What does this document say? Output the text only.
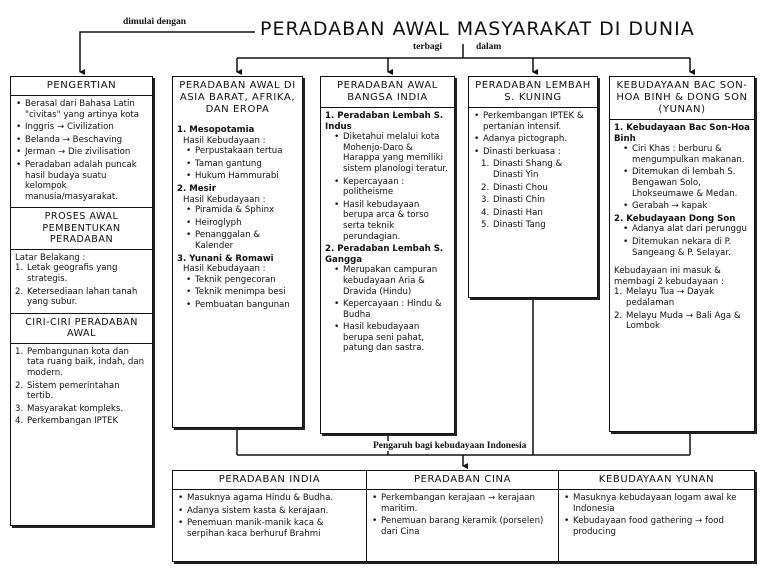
PERADABAN AWAL MASYARAKAT DI DUNIA
dimulai dengan
terbagi	dalam
Pengaruh bagi kebudayaan Indonesia
PENGERTIAN
• Berasal dari Bahasa Latin "civitas" yang artinya kota
• Inggris → Civilization
• Belanda → Beschaving
• Jerman → Die zivilisation
• Peradaban adalah puncak hasil budaya suatu kelompok manusia/masyarakat.
PROSES AWAL PEMBENTUKAN PERADABAN
Latar Belakang :
1. Letak geografis yang strategis.
2. Ketersediaan lahan tanah yang subur.
CIRI-CIRI PERADABAN AWAL
1. Pembangunan kota dan tata ruang baik, indah, dan modern.
2. Sistem pemerintahan tertib.
3. Masyarakat kompleks.
4. Perkembangan IPTEK
PERADABAN AWAL DI ASIA BARAT, AFRIKA, DAN EROPA
1. Mesopotamia
Hasil Kebudayaan :
• Perpustakaan tertua
• Taman gantung
• Hukum Hammurabi
2. Mesir
Hasil Kebudayaan :
• Piramida & Sphinx
• Heiroglyph
• Penanggalan & Kalender
3. Yunani & Romawi
Hasil Kebudayaan :
• Teknik pengecoran
• Teknik menimpa besi
• Pembuatan bangunan
PERADABAN AWAL BANGSA INDIA
1. Peradaban Lembah S. Indus
• Diketahui melalui kota Mohenjo-Daro & Harappa yang memiliki sistem planologi teratur.
• Kepercayaan : politheisme
• Hasil kebudayaan berupa arca & torso serta teknik perundagian.
2. Peradaban Lembah S. Gangga
• Merupakan campuran kebudayaan Aria & Dravida (Hindu)
• Kepercayaan : Hindu & Budha
• Hasil kebudayaan berupa seni pahat, patung dan sastra.
PERADABAN LEMBAH S. KUNING
• Perkembangan IPTEK & pertanian intensif.
• Adanya pictograph.
• Dinasti berkuasa :
1. Dinasti Shang & Dinasti Yin
2. Dinasti Chou
3. Dinasti Chin
4. Dinasti Han
5. Dinasti Tang
KEBUDAYAAN BAC SON-HOA BINH & DONG SON (YUNAN)
1. Kebudayaan Bac Son-Hoa Binh
• Ciri Khas : berburu & mengumpulkan makanan.
• Ditemukan di lembah S. Bengawan Solo, Lhokseumawe & Medan.
• Gerabah → kapak
2. Kebudayaan Dong Son
• Adanya alat dari perunggu
• Ditemukan nekara di P. Sangeang & P. Selayar.
Kebudayaan ini masuk & membagi 2 kebudayaan :
1. Melayu Tua → Dayak pedalaman
2. Melayu Muda → Bali Aga & Lombok
PERADABAN INDIA
• Masuknya agama Hindu & Budha.
• Adanya sistem kasta & kerajaan.
• Penemuan manik-manik kaca & serpihan kaca berhuruf Brahmi
PERADABAN CINA
• Perkembangan kerajaan → kerajaan maritim.
• Penemuan barang keramik (porselen) dari Cina
KEBUDAYAAN YUNAN
• Masuknya kebudayaan logam awal ke Indonesia
• Kebudayaan food gathering → food producing
